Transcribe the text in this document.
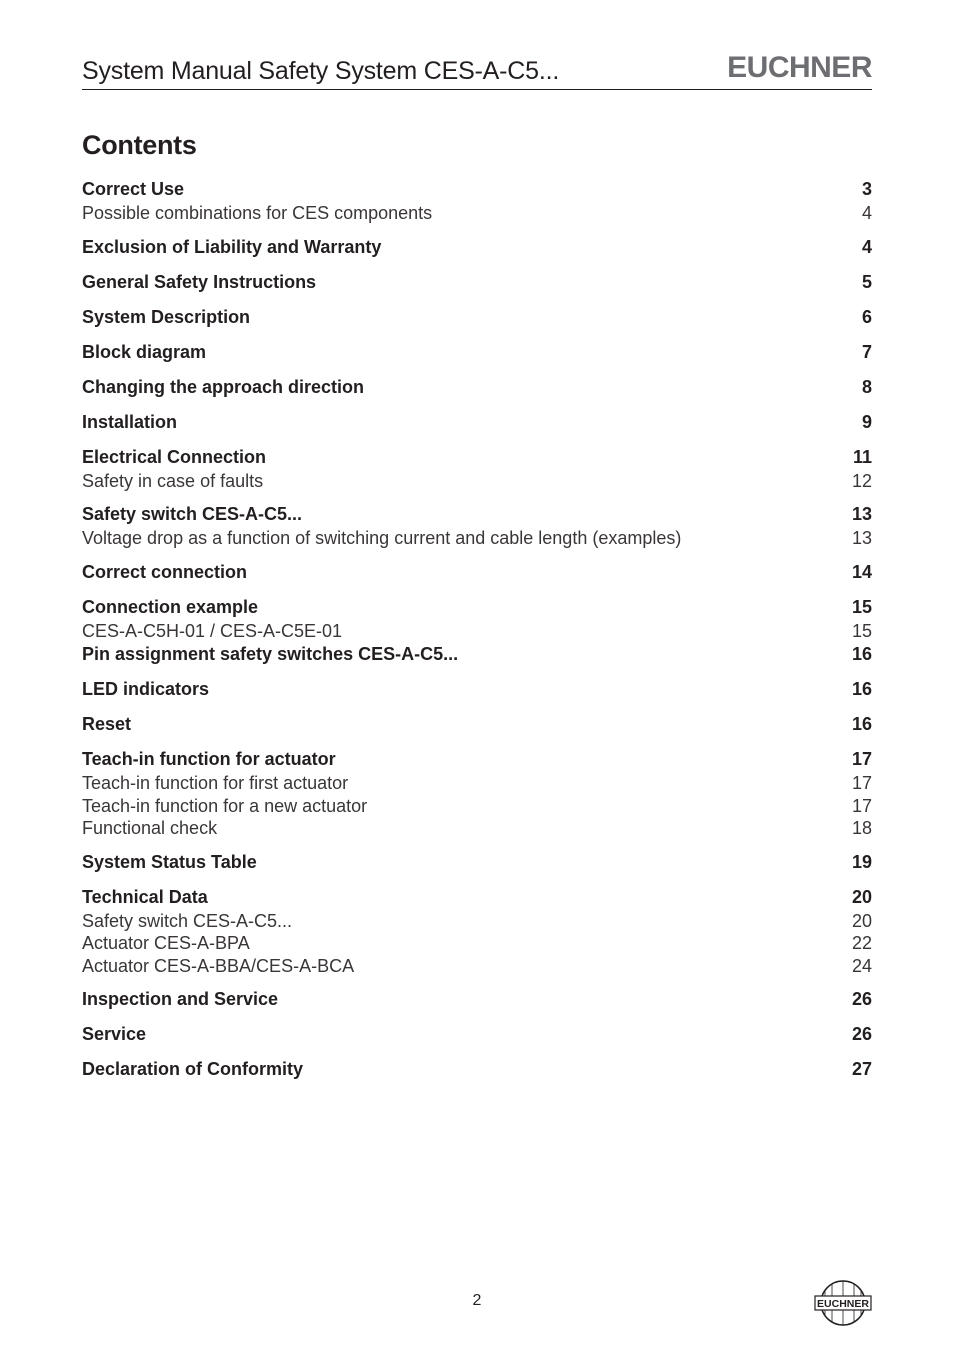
System Manual Safety System CES-A-C5...	EUCHNER
Contents
Correct Use	3
Possible combinations for CES components	4
Exclusion of Liability and Warranty	4
General Safety Instructions	5
System Description	6
Block diagram	7
Changing the approach direction	8
Installation	9
Electrical Connection	11
Safety in case of faults	12
Safety switch CES-A-C5...	13
Voltage drop as a function of switching current and cable length (examples)	13
Correct connection	14
Connection example	15
CES-A-C5H-01 / CES-A-C5E-01	15
Pin assignment safety switches CES-A-C5...	16
LED indicators	16
Reset	16
Teach-in function for actuator	17
Teach-in function for first actuator	17
Teach-in function for a new actuator	17
Functional check	18
System Status Table	19
Technical Data	20
Safety switch CES-A-C5...	20
Actuator CES-A-BPA	22
Actuator CES-A-BBA/CES-A-BCA	24
Inspection and Service	26
Service	26
Declaration of Conformity	27
2	EUCHNER
